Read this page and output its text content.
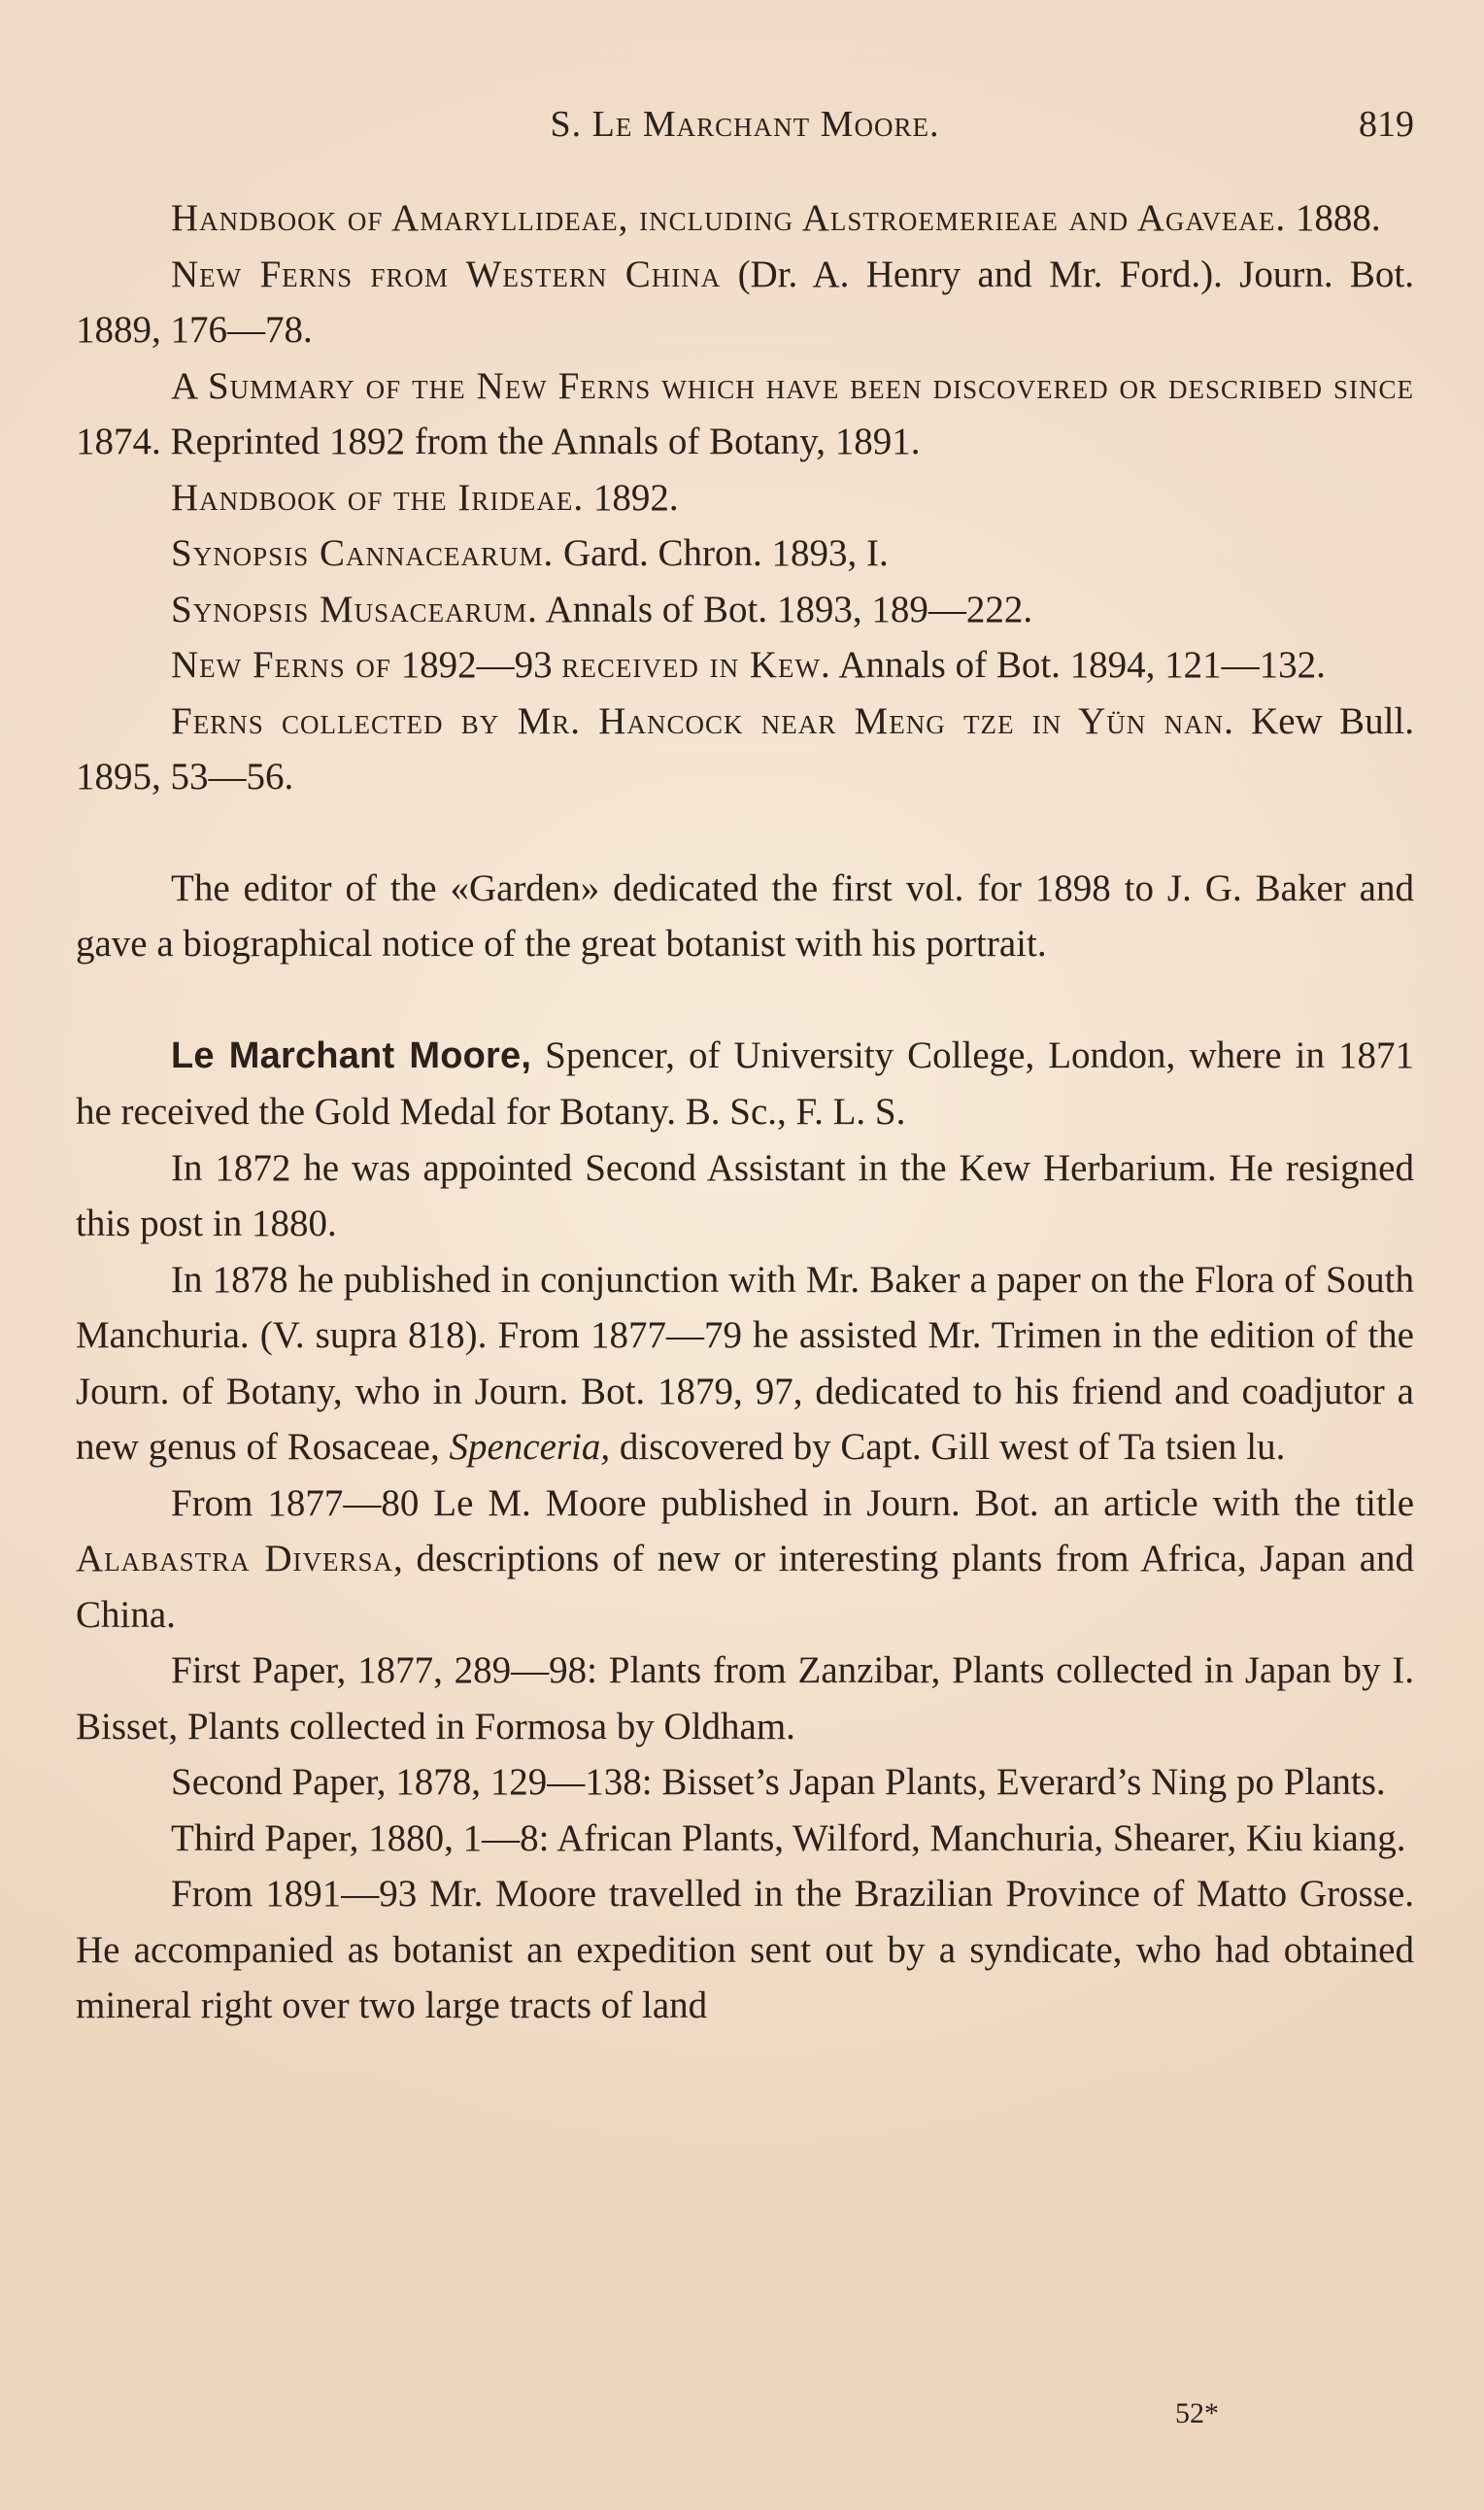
S. Le Marchant Moore.	819

Handbook of Amaryllideae, including Alstroemerieae and Agaveae. 1888.

New Ferns from Western China (Dr. A. Henry and Mr. Ford.). Journ. Bot. 1889, 176—78.

A Summary of the New Ferns which have been discovered or described since 1874. Reprinted 1892 from the Annals of Botany, 1891.

Handbook of the Irideae. 1892.

Synopsis Cannacearum. Gard. Chron. 1893, I.

Synopsis Musacearum. Annals of Bot. 1893, 189—222.

New Ferns of 1892—93 received in Kew. Annals of Bot. 1894, 121—132.

Ferns collected by Mr. Hancock near Meng tze in Yün nan. Kew Bull. 1895, 53—56.

The editor of the «Garden» dedicated the first vol. for 1898 to J. G. Baker and gave a biographical notice of the great botanist with his portrait.

Le Marchant Moore, Spencer, of University College, London, where in 1871 he received the Gold Medal for Botany. B. Sc., F. L. S.

In 1872 he was appointed Second Assistant in the Kew Herbarium. He resigned this post in 1880.

In 1878 he published in conjunction with Mr. Baker a paper on the Flora of South Manchuria. (V. supra 818). From 1877—79 he assisted Mr. Trimen in the edition of the Journ. of Botany, who in Journ. Bot. 1879, 97, dedicated to his friend and coadjutor a new genus of Rosaceae, Spenceria, discovered by Capt. Gill west of Ta tsien lu.

From 1877—80 Le M. Moore published in Journ. Bot. an article with the title Alabastra Diversa, descriptions of new or interesting plants from Africa, Japan and China.

First Paper, 1877, 289—98: Plants from Zanzibar, Plants collected in Japan by I. Bisset, Plants collected in Formosa by Oldham.

Second Paper, 1878, 129—138: Bisset’s Japan Plants, Everard’s Ning po Plants.

Third Paper, 1880, 1—8: African Plants, Wilford, Manchuria, Shearer, Kiu kiang.

From 1891—93 Mr. Moore travelled in the Brazilian Province of Matto Grosse. He accompanied as botanist an expedition sent out by a syndicate, who had obtained mineral right over two large tracts of land

52*
